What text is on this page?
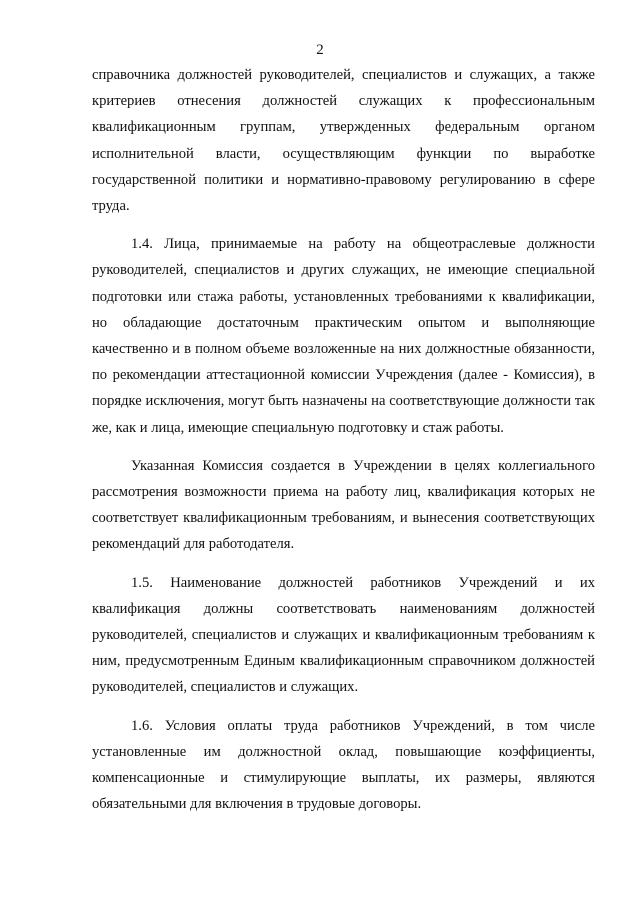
2

справочника должностей руководителей, специалистов и служащих, а также критериев отнесения должностей служащих к профессиональным квалификационным группам, утвержденных федеральным органом исполнительной власти, осуществляющим функции по выработке государственной политики и нормативно-правовому регулированию в сфере труда.

1.4. Лица, принимаемые на работу на общеотраслевые должности руководителей, специалистов и других служащих, не имеющие специальной подготовки или стажа работы, установленных требованиями к квалификации, но обладающие достаточным практическим опытом и выполняющие качественно и в полном объеме возложенные на них должностные обязанности, по рекомендации аттестационной комиссии Учреждения (далее - Комиссия), в порядке исключения, могут быть назначены на соответствующие должности так же, как и лица, имеющие специальную подготовку и стаж работы.

Указанная Комиссия создается в Учреждении в целях коллегиального рассмотрения возможности приема на работу лиц, квалификация которых не соответствует квалификационным требованиям, и вынесения соответствующих рекомендаций для работодателя.

1.5. Наименование должностей работников Учреждений и их квалификация должны соответствовать наименованиям должностей руководителей, специалистов и служащих и квалификационным требованиям к ним, предусмотренным Единым квалификационным справочником должностей руководителей, специалистов и служащих.

1.6. Условия оплаты труда работников Учреждений, в том числе установленные им должностной оклад, повышающие коэффициенты, компенсационные и стимулирующие выплаты, их размеры, являются обязательными для включения в трудовые договоры.
